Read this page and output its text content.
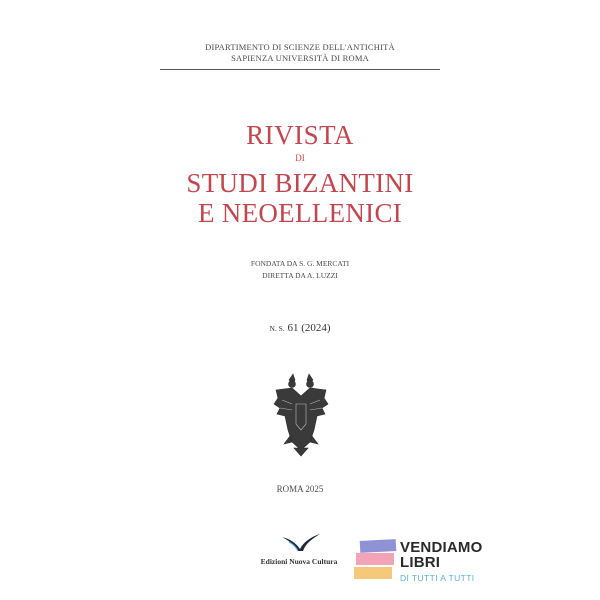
DIPARTIMENTO DI SCIENZE DELL'ANTICHITÀ
SAPIENZA UNIVERSITÀ DI ROMA
RIVISTA
DI
STUDI BIZANTINI
E NEOELLENICI
FONDATA DA S. G. MERCATI
DIRETTA DA A. LUZZI
N. S. 61 (2024)
ROMA 2025
Edizioni Nuova Cultura
VENDIAMO
LIBRI
DI TUTTI A TUTTI
